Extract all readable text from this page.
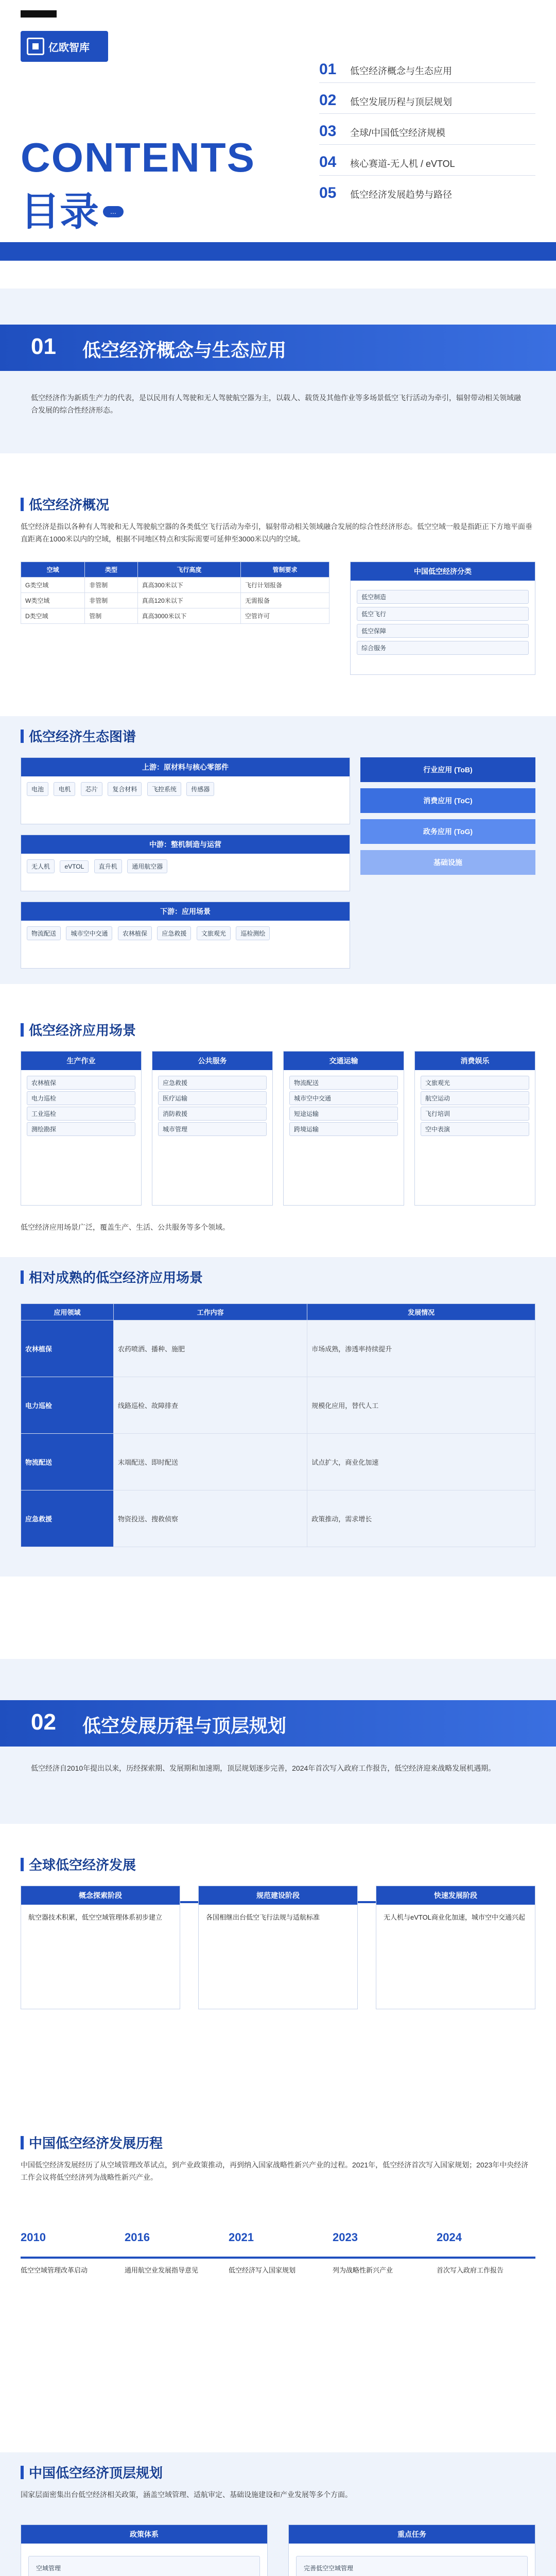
亿欧智库
CONTENTS
目录	...
01	低空经济概念与生态应用
02	低空发展历程与顶层规划
03	全球/中国低空经济规模
04	核心赛道-无人机 / eVTOL
05	低空经济发展趋势与路径
01 低空经济概念与生态应用
低空经济作为新质生产力的代表，是以民用有人驾驶和无人驾驶航空器为主，以载人、载货及其他作业等多场景低空飞行活动为牵引，辐射带动相关领域融合发展的综合性经济形态。
低空经济概况
低空经济是指以各种有人驾驶和无人驾驶航空器的各类低空飞行活动为牵引，辐射带动相关领域融合发展的综合性经济形态。低空空域一般是指距正下方地平面垂直距离在1000米以内的空域，根据不同地区特点和实际需要可延伸至3000米以内的空域。
空域	类型	飞行高度	管制要求
G类空域	非管制	真高300米以下	飞行计划报备
W类空域	非管制	真高120米以下	无需报备
D类空域	管制	真高3000米以下	空管许可
中国低空经济分类
低空制造
低空飞行
低空保障
综合服务
低空经济生态图谱
上游：原材料与核心零部件
电池 电机 芯片 复合材料 飞控系统 传感器
中游：整机制造与运营
无人机 eVTOL 直升机 通用航空器
下游：应用场景
物流配送 城市空中交通 农林植保 应急救援 文旅观光 巡检测绘
行业应用 (ToB)
消费应用 (ToC)
政务应用 (ToG)
基础设施
低空经济应用场景
生产作业
农林植保
电力巡检
工业巡检
测绘勘探
公共服务
应急救援
医疗运输
消防救援
城市管理
交通运输
物流配送
城市空中交通
短途运输
跨境运输
消费娱乐
文旅观光
航空运动
飞行培训
空中表演
低空经济应用场景广泛，覆盖生产、生活、公共服务等多个领域。
相对成熟的低空经济应用场景
应用领域	工作内容	发展情况
农林植保	农药喷洒、播种、施肥	市场成熟，渗透率持续提升
电力巡检	线路巡检、故障排查	规模化应用，替代人工
物流配送	末端配送、即时配送	试点扩大，商业化加速
应急救援	物资投送、搜救侦察	政策推动，需求增长
02 低空发展历程与顶层规划
低空经济自2010年提出以来，历经探索期、发展期和加速期，顶层规划逐步完善，2024年首次写入政府工作报告，低空经济迎来战略发展机遇期。
全球低空经济发展
概念探索阶段
航空器技术积累，低空空域管理体系初步建立
规范建设阶段
各国相继出台低空飞行法规与适航标准
快速发展阶段
无人机与eVTOL商业化加速，城市空中交通兴起
中国低空经济发展历程
中国低空经济发展经历了从空域管理改革试点，到产业政策推动，再到纳入国家战略性新兴产业的过程。2021年，低空经济首次写入国家规划；2023年中央经济工作会议将低空经济列为战略性新兴产业。
2010
低空空域管理改革启动
2016
通用航空业发展指导意见
2021
低空经济写入国家规划
2023
列为战略性新兴产业
2024
首次写入政府工作报告
中国低空经济顶层规划
国家层面密集出台低空经济相关政策，涵盖空域管理、适航审定、基础设施建设和产业发展等多个方面。
政策体系
空域管理
重点任务
完善低空空域管理
